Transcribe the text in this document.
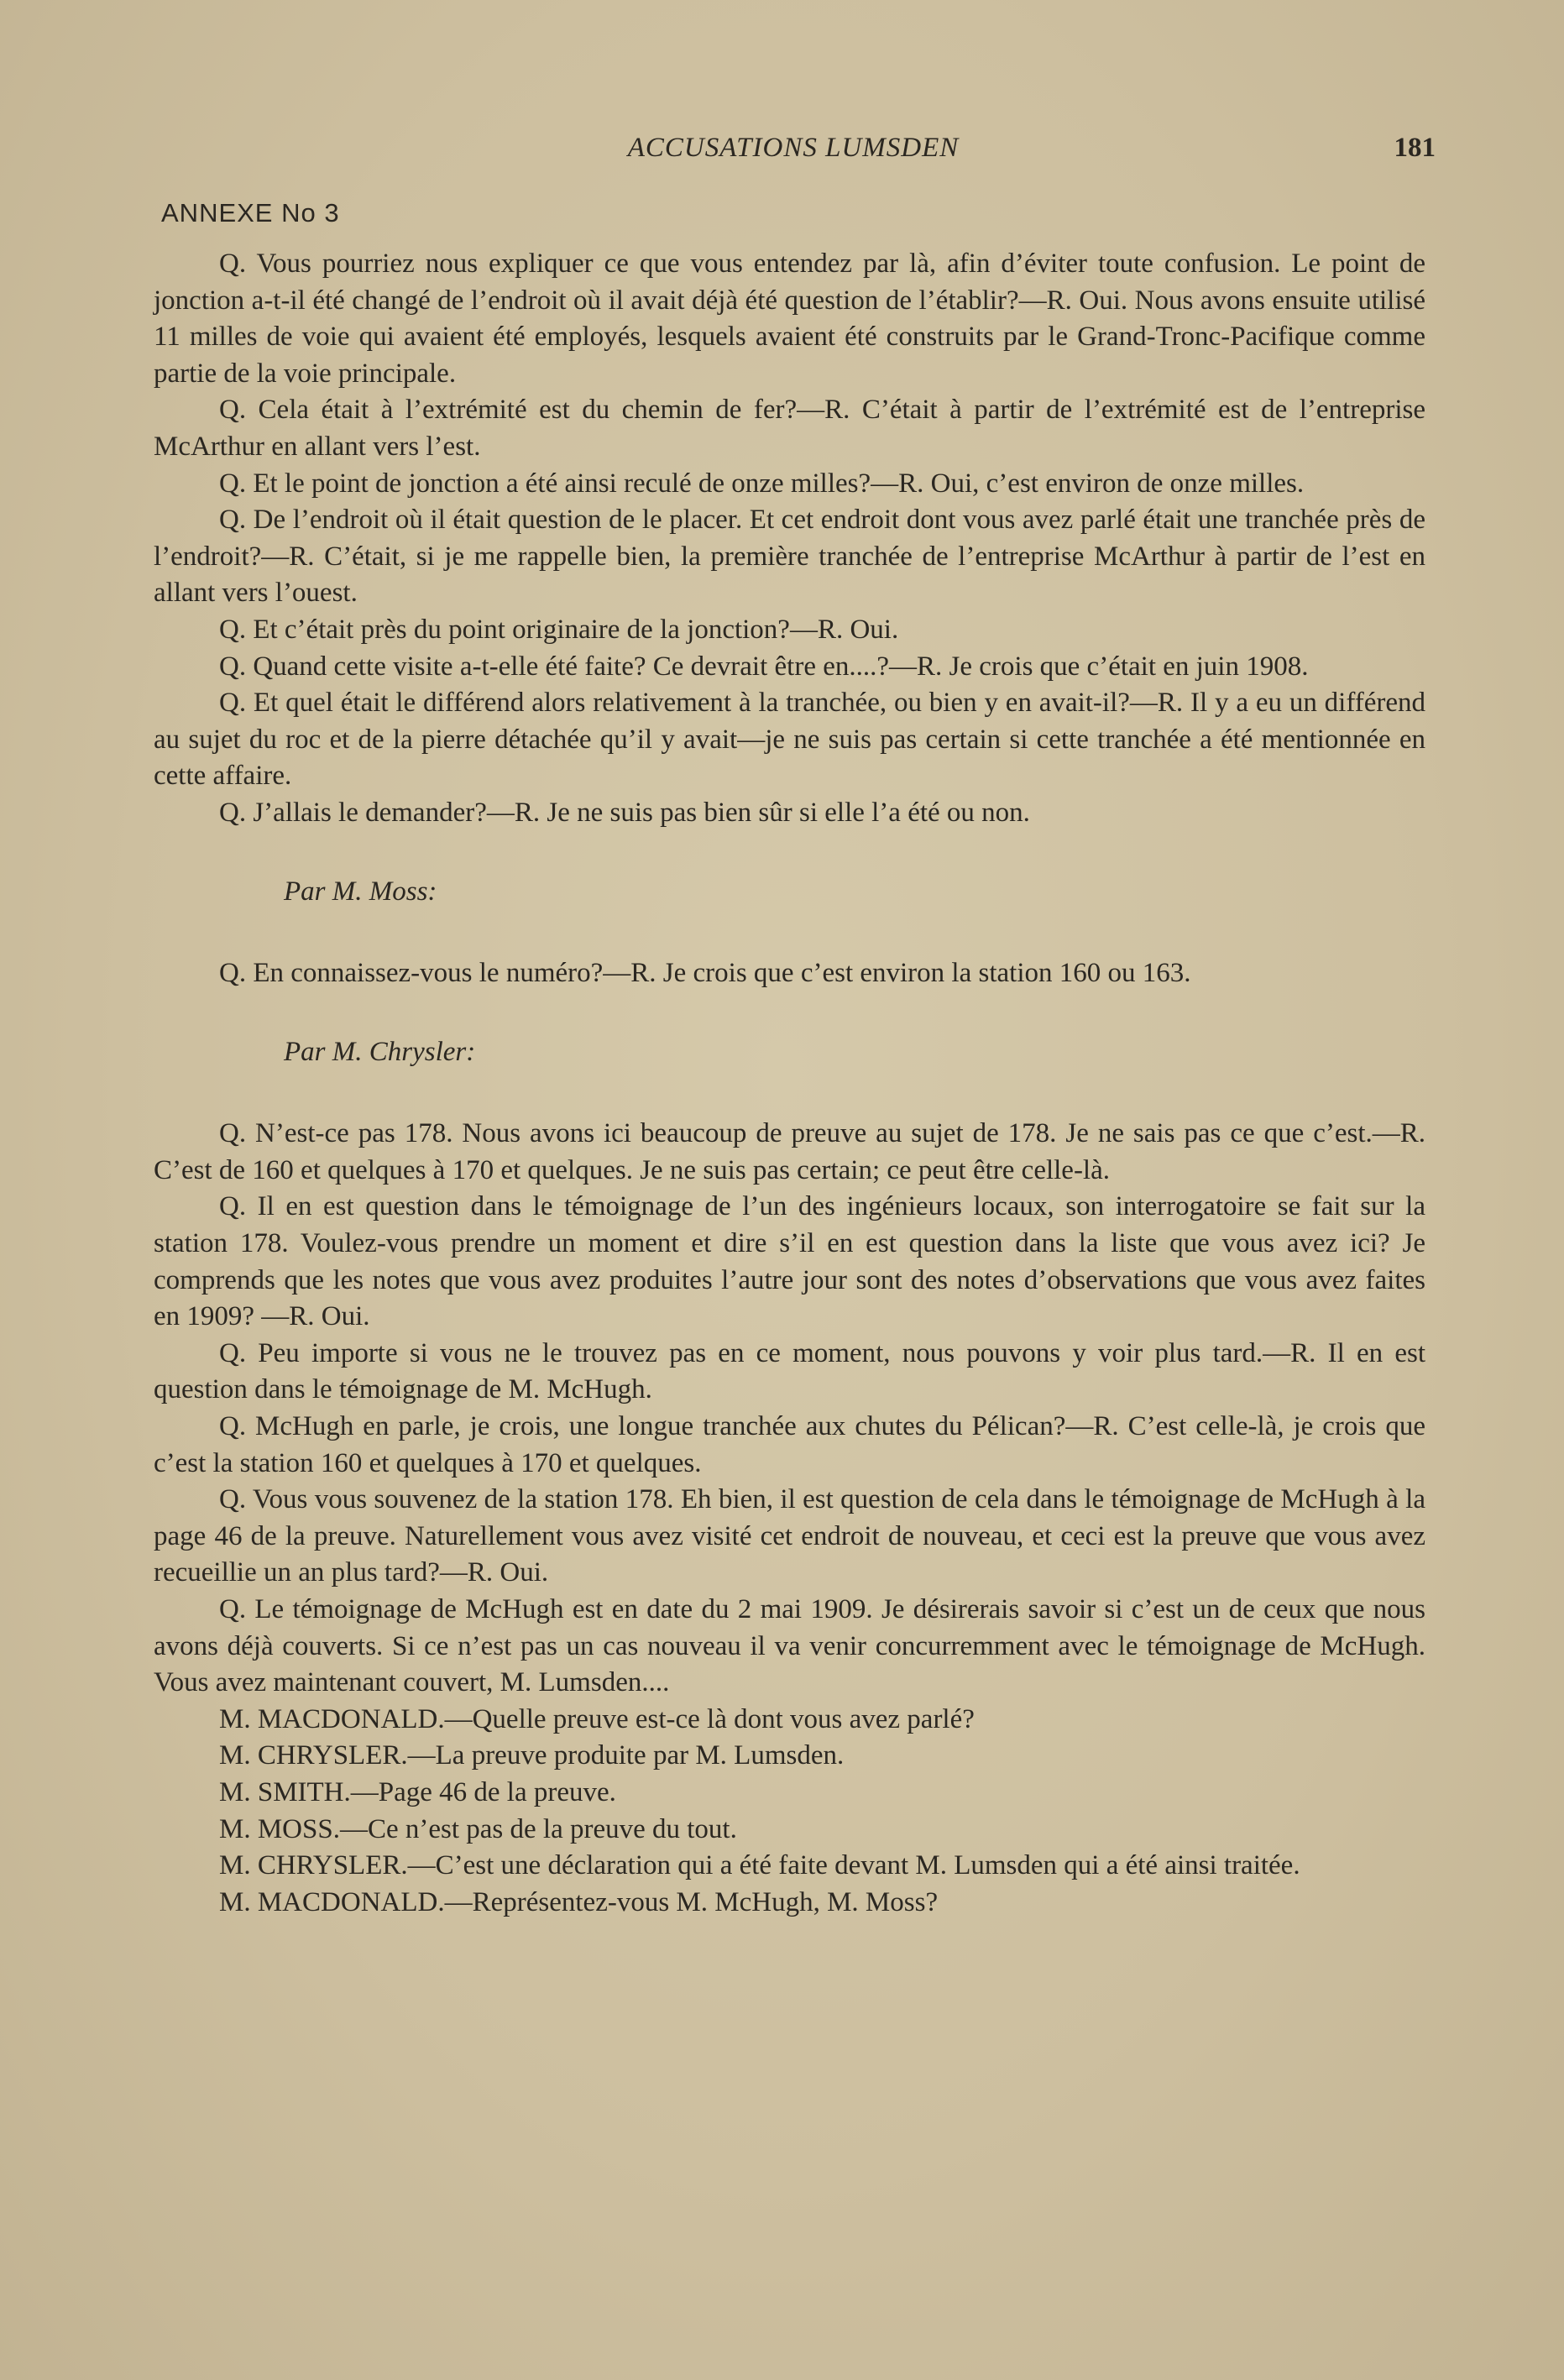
ACCUSATIONS LUMSDEN	181
ANNEXE No 3

Q. Vous pourriez nous expliquer ce que vous entendez par là, afin d’éviter toute confusion. Le point de jonction a-t-il été changé de l’endroit où il avait déjà été question de l’établir?—R. Oui. Nous avons ensuite utilisé 11 milles de voie qui avaient été employés, lesquels avaient été construits par le Grand-Tronc-Pacifique comme partie de la voie principale.

Q. Cela était à l’extrémité est du chemin de fer?—R. C’était à partir de l’extrémité est de l’entreprise McArthur en allant vers l’est.

Q. Et le point de jonction a été ainsi reculé de onze milles?—R. Oui, c’est environ de onze milles.

Q. De l’endroit où il était question de le placer. Et cet endroit dont vous avez parlé était une tranchée près de l’endroit?—R. C’était, si je me rappelle bien, la première tranchée de l’entreprise McArthur à partir de l’est en allant vers l’ouest.

Q. Et c’était près du point originaire de la jonction?—R. Oui.

Q. Quand cette visite a-t-elle été faite? Ce devrait être en....?—R. Je crois que c’était en juin 1908.

Q. Et quel était le différend alors relativement à la tranchée, ou bien y en avait-il?—R. Il y a eu un différend au sujet du roc et de la pierre détachée qu’il y avait—je ne suis pas certain si cette tranchée a été mentionnée en cette affaire.

Q. J’allais le demander?—R. Je ne suis pas bien sûr si elle l’a été ou non.

Par M. Moss:

Q. En connaissez-vous le numéro?—R. Je crois que c’est environ la station 160 ou 163.

Par M. Chrysler:

Q. N’est-ce pas 178. Nous avons ici beaucoup de preuve au sujet de 178. Je ne sais pas ce que c’est.—R. C’est de 160 et quelques à 170 et quelques. Je ne suis pas certain; ce peut être celle-là.

Q. Il en est question dans le témoignage de l’un des ingénieurs locaux, son interrogatoire se fait sur la station 178. Voulez-vous prendre un moment et dire s’il en est question dans la liste que vous avez ici? Je comprends que les notes que vous avez produites l’autre jour sont des notes d’observations que vous avez faites en 1909? —R. Oui.

Q. Peu importe si vous ne le trouvez pas en ce moment, nous pouvons y voir plus tard.—R. Il en est question dans le témoignage de M. McHugh.

Q. McHugh en parle, je crois, une longue tranchée aux chutes du Pélican?—R. C’est celle-là, je crois que c’est la station 160 et quelques à 170 et quelques.

Q. Vous vous souvenez de la station 178. Eh bien, il est question de cela dans le témoignage de McHugh à la page 46 de la preuve. Naturellement vous avez visité cet endroit de nouveau, et ceci est la preuve que vous avez recueillie un an plus tard?—R. Oui.

Q. Le témoignage de McHugh est en date du 2 mai 1909. Je désirerais savoir si c’est un de ceux que nous avons déjà couverts. Si ce n’est pas un cas nouveau il va venir concurremment avec le témoignage de McHugh. Vous avez maintenant couvert, M. Lumsden....

M. MACDONALD.—Quelle preuve est-ce là dont vous avez parlé?

M. CHRYSLER.—La preuve produite par M. Lumsden.

M. SMITH.—Page 46 de la preuve.

M. MOSS.—Ce n’est pas de la preuve du tout.

M. CHRYSLER.—C’est une déclaration qui a été faite devant M. Lumsden qui a été ainsi traitée.

M. MACDONALD.—Représentez-vous M. McHugh, M. Moss?
